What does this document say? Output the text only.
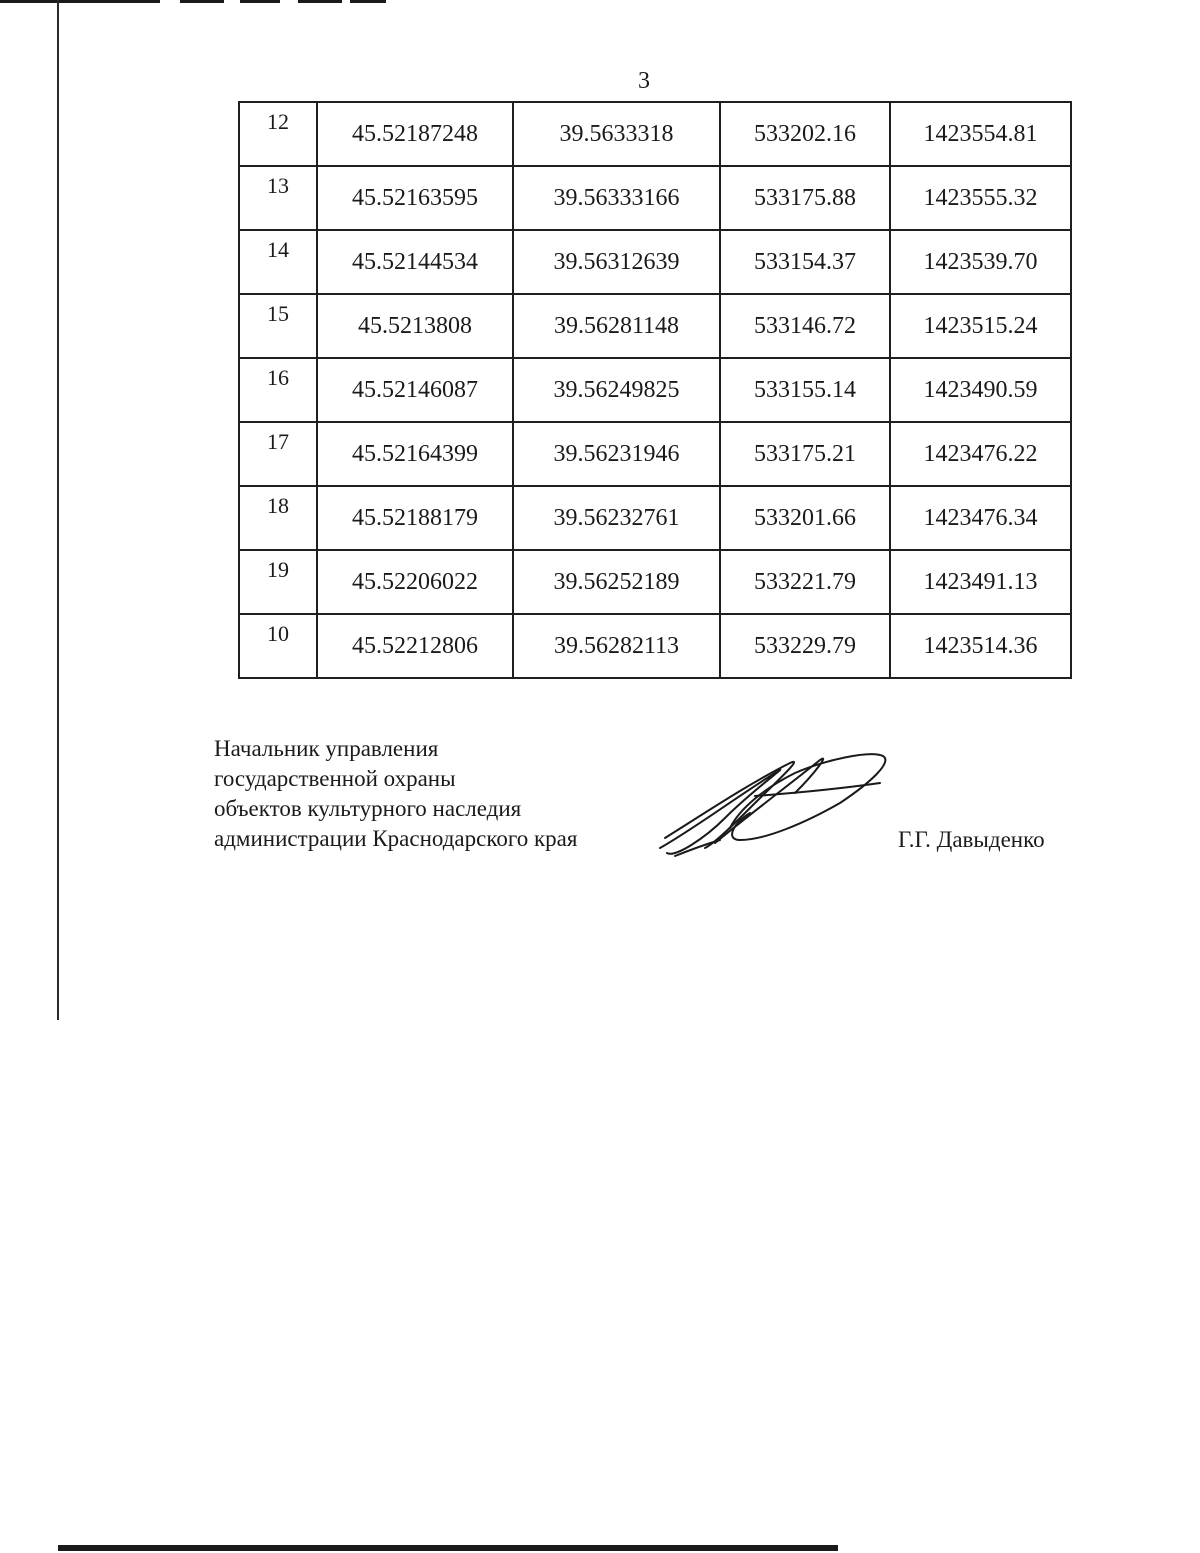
3
12	45.52187248	39.5633318	533202.16	1423554.81
13	45.52163595	39.56333166	533175.88	1423555.32
14	45.52144534	39.56312639	533154.37	1423539.70
15	45.5213808	39.56281148	533146.72	1423515.24
16	45.52146087	39.56249825	533155.14	1423490.59
17	45.52164399	39.56231946	533175.21	1423476.22
18	45.52188179	39.56232761	533201.66	1423476.34
19	45.52206022	39.56252189	533221.79	1423491.13
10	45.52212806	39.56282113	533229.79	1423514.36
Начальник управления
государственной охраны
объектов культурного наследия
администрации Краснодарского края	Г.Г. Давыденко
